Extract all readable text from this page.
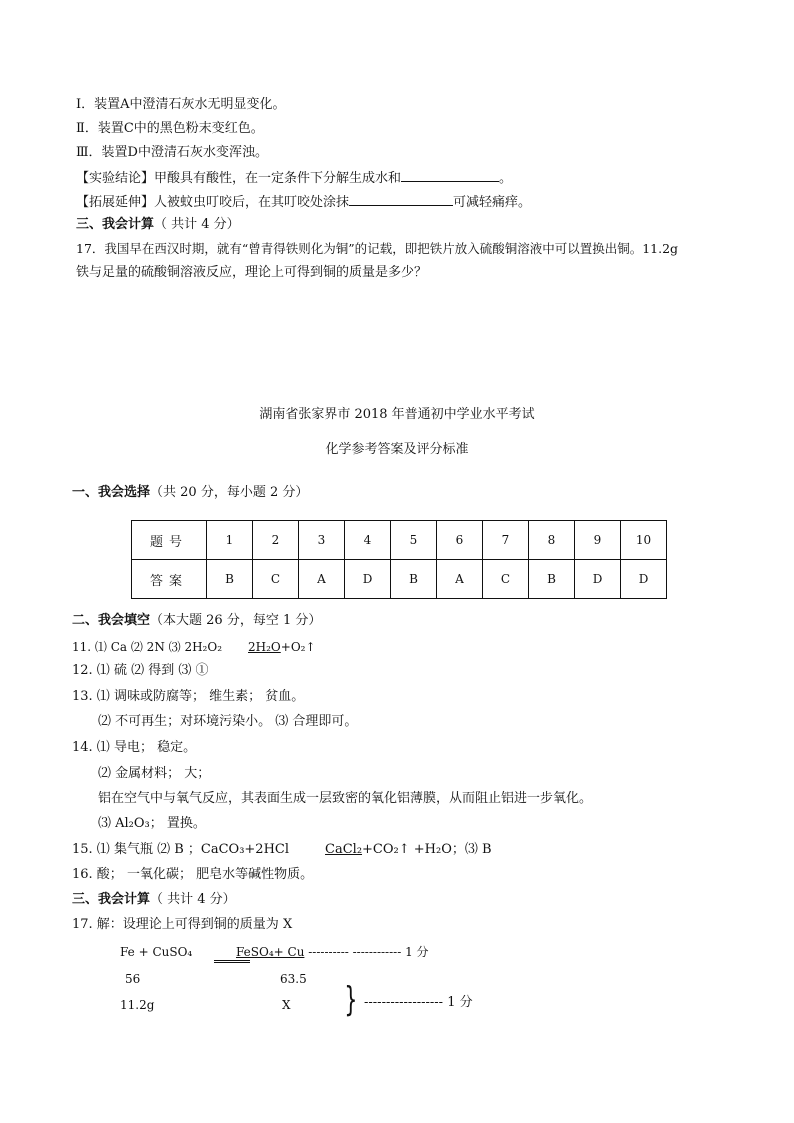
Ⅰ．装置A中澄清石灰水无明显变化。
Ⅱ．装置C中的黑色粉末变红色。
Ⅲ．装置D中澄清石灰水变浑浊。
【实验结论】甲酸具有酸性，在一定条件下分解生成水和	。
【拓展延伸】人被蚊虫叮咬后，在其叮咬处涂抹	可减轻痛痒。
三、我会计算（ 共计 4 分）
17．我国早在西汉时期，就有“曾青得铁则化为铜”的记载，即把铁片放入硫酸铜溶液中可以置换出铜。11.2g
铁与足量的硫酸铜溶液反应，理论上可得到铜的质量是多少？
湖南省张家界市 2018 年普通初中学业水平考试
化学参考答案及评分标准
一、我会选择（共 20 分，每小题 2 分）
题号	1	2	3	4	5	6	7	8	9	10
答案	B	C	A	D	B	A	C	B	D	D
二、我会填空（本大题 26 分，每空 1 分）
11. ⑴ Ca ⑵ 2N ⑶ 2H₂O₂ 2H₂O+O₂↑
12. ⑴ 硫 ⑵ 得到 ⑶ ①
13. ⑴ 调味或防腐等； 维生素； 贫血。
⑵ 不可再生；对环境污染小。 ⑶ 合理即可。
14. ⑴ 导电； 稳定。
⑵ 金属材料； 大；
铝在空气中与氧气反应，其表面生成一层致密的氧化铝薄膜，从而阻止铝进一步氧化。
⑶ Al₂O₃； 置换。
15. ⑴ 集气瓶 ⑵ B ；CaCO₃+2HCl	CaCl₂+CO₂↑ +H₂O；⑶ B
16. 酸； 一氧化碳； 肥皂水等碱性物质。
三、我会计算（ 共计 4 分）
17. 解：设理论上可得到铜的质量为 X
Fe + CuSO₄	FeSO₄+ Cu ---------- ------------ 1 分
56	63.5
11.2g	X } ------------------ 1 分
